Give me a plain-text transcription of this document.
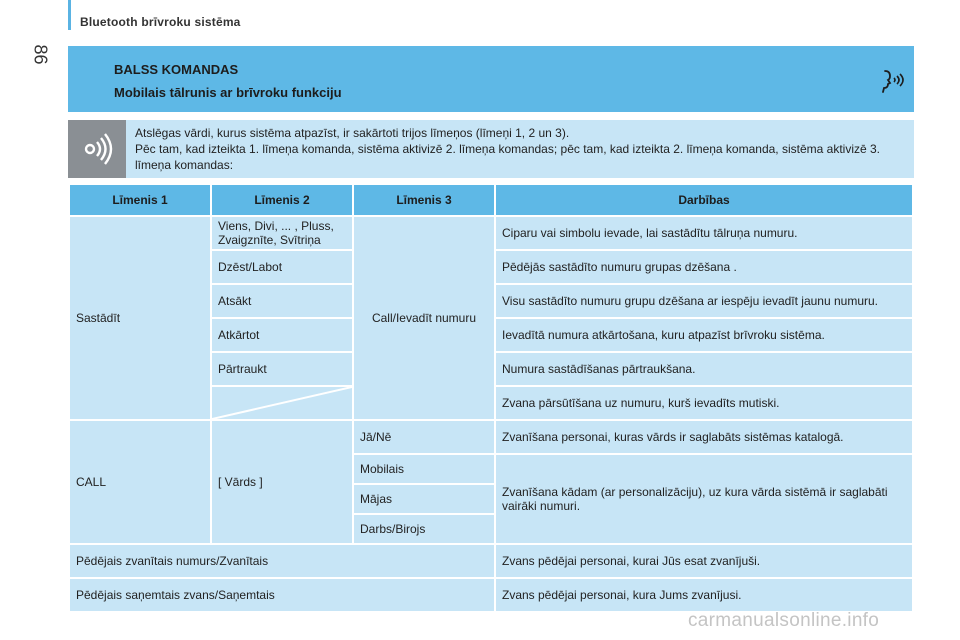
Bluetooth brīvroku sistēma
86
BALSS KOMANDAS
Mobilais tālrunis ar brīvroku funkciju
Atslēgas vārdi, kurus sistēma atpazīst, ir sakārtoti trijos līmeņos (līmeņi 1, 2 un 3).
Pēc tam, kad izteikta 1. līmeņa komanda, sistēma aktivizē 2. līmeņa komandas; pēc tam, kad izteikta 2. līmeņa komanda, sistēma aktivizē 3. līmeņa komandas:
Līmenis 1	Līmenis 2	Līmenis 3	Darbības
Sastādīt	Viens, Divi, ... , Pluss, Zvaigznīte, Svītriņa	Call/Ievadīt numuru	Ciparu vai simbolu ievade, lai sastādītu tālruņa numuru.
	Dzēst/Labot		Pēdējās sastādīto numuru grupas dzēšana .
	Atsākt		Visu sastādīto numuru grupu dzēšana ar iespēju ievadīt jaunu numuru.
	Atkārtot		Ievadītā numura atkārtošana, kuru atpazīst brīvroku sistēma.
	Pārtraukt		Numura sastādīšanas pārtraukšana.

	Zvana pārsūtīšana uz numuru, kurš ievadīts mutiski.
CALL	[ Vārds ]	Jā/Nē	Zvanīšana personai, kuras vārds ir saglabāts sistēmas katalogā.
		Mobilais	Zvanīšana kādam (ar personalizāciju), uz kura vārda sistēmā ir saglabāti vairāki numuri.
		Mājas	
		Darbs/Birojs	
Pēdējais zvanītais numurs/Zvanītais			Zvans pēdējai personai, kurai Jūs esat zvanījuši.
Pēdējais saņemtais zvans/Saņemtais			Zvans pēdējai personai, kura Jums zvanījusi.
carmanualsonline.info
